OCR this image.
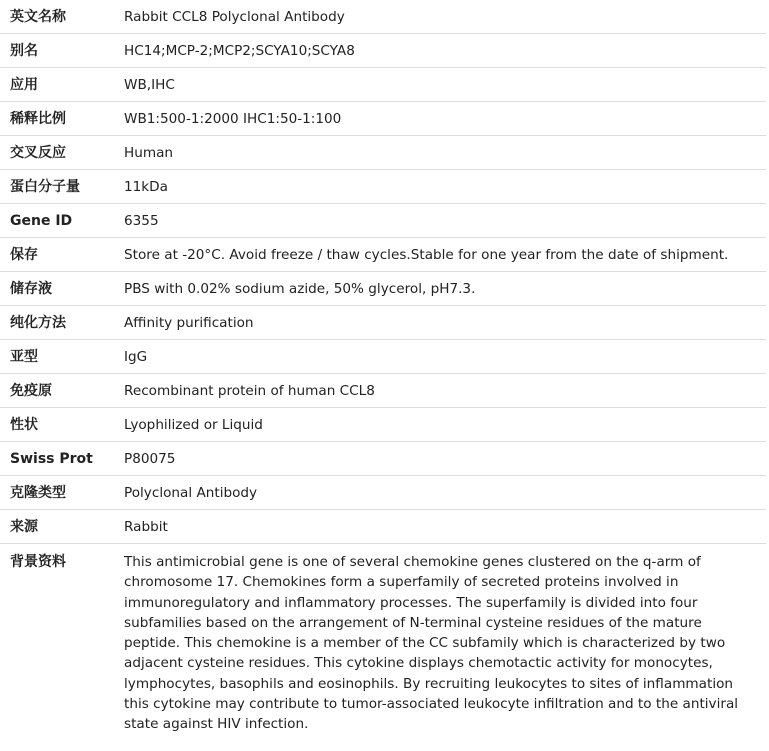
英文名称	Rabbit CCL8 Polyclonal Antibody
别名	HC14;MCP-2;MCP2;SCYA10;SCYA8
应用	WB,IHC
稀释比例	WB1:500-1:2000 IHC1:50-1:100
交叉反应	Human
蛋白分子量	11kDa
Gene ID	6355
保存	Store at -20°C. Avoid freeze / thaw cycles.Stable for one year from the date of shipment.
储存液	PBS with 0.02% sodium azide, 50% glycerol, pH7.3.
纯化方法	Affinity purification
亚型	IgG
免疫原	Recombinant protein of human CCL8
性状	Lyophilized or Liquid
Swiss Prot	P80075
克隆类型	Polyclonal Antibody
来源	Rabbit
背景资料	This antimicrobial gene is one of several chemokine genes clustered on the q-arm of chromosome 17. Chemokines form a superfamily of secreted proteins involved in immunoregulatory and inflammatory processes. The superfamily is divided into four subfamilies based on the arrangement of N-terminal cysteine residues of the mature peptide. This chemokine is a member of the CC subfamily which is characterized by two adjacent cysteine residues. This cytokine displays chemotactic activity for monocytes, lymphocytes, basophils and eosinophils. By recruiting leukocytes to sites of inflammation this cytokine may contribute to tumor-associated leukocyte infiltration and to the antiviral state against HIV infection.
